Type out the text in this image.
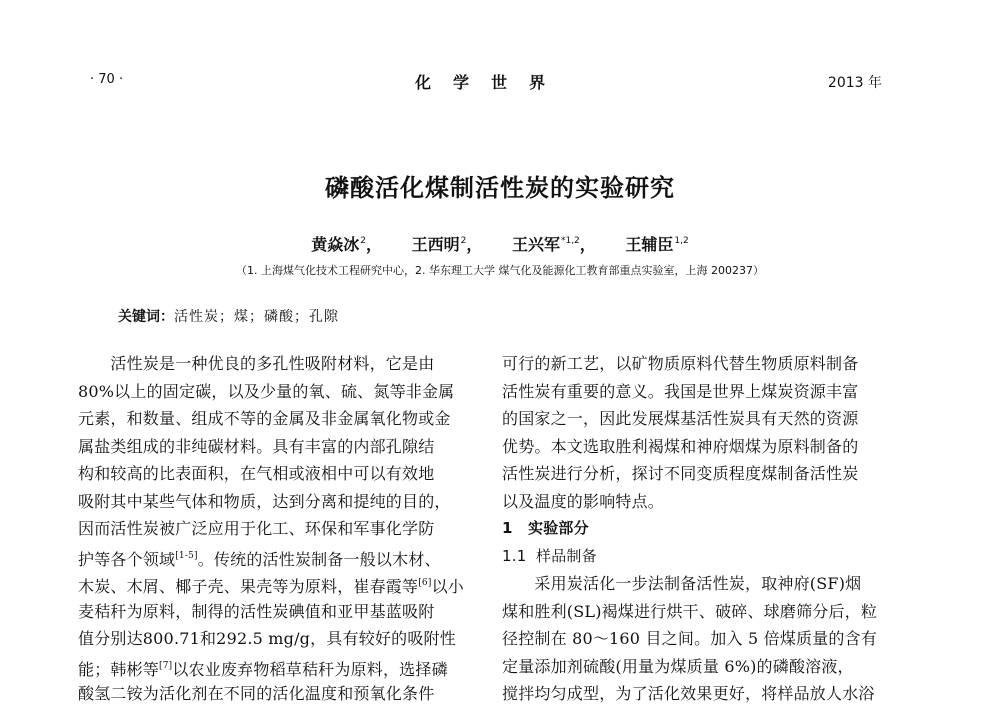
· 70 ·	化学世界	2013 年
磷酸活化煤制活性炭的实验研究
黄焱冰$^2$， 王西明$^2$， 王兴军$^{*1,2}$， 王辅臣$^{1,2}$
（1. 上海煤气化技术工程研究中心，2. 华东理工大学 煤气化及能源化工教育部重点实验室，上海 200237）
关键词：活性炭；煤；磷酸；孔隙
　　活性炭是一种优良的多孔性吸附材料，它是由
80%以上的固定碳，以及少量的氧、硫、氮等非金属
元素，和数量、组成不等的金属及非金属氧化物或金
属盐类组成的非纯碳材料。具有丰富的内部孔隙结
构和较高的比表面积，在气相或液相中可以有效地
吸附其中某些气体和物质，达到分离和提纯的目的，
因而活性炭被广泛应用于化工、环保和军事化学防
护等各个领域[1-5]。传统的活性炭制备一般以木材、
木炭、木屑、椰子壳、果壳等为原料，崔春霞等[6]以小
麦秸秆为原料，制得的活性炭碘值和亚甲基蓝吸附
值分别达800.71和292.5 mg/g，具有较好的吸附性
能；韩彬等[7]以农业废弃物稻草秸秆为原料，选择磷
酸氢二铵为活化剂在不同的活化温度和预氧化条件
可行的新工艺，以矿物质原料代替生物质原料制备
活性炭有重要的意义。我国是世界上煤炭资源丰富
的国家之一，因此发展煤基活性炭具有天然的资源
优势。本文选取胜利褐煤和神府烟煤为原料制备的
活性炭进行分析，探讨不同变质程度煤制备活性炭
以及温度的影响特点。
1 实验部分
1.1 样品制备
　　采用炭活化一步法制备活性炭，取神府(SF)烟
煤和胜利(SL)褐煤进行烘干、破碎、球磨筛分后，粒
径控制在 80～160 目之间。加入 5 倍煤质量的含有
定量添加剂硫酸(用量为煤质量 6%)的磷酸溶液，
搅拌均匀成型，为了活化效果更好，将样品放人水浴
